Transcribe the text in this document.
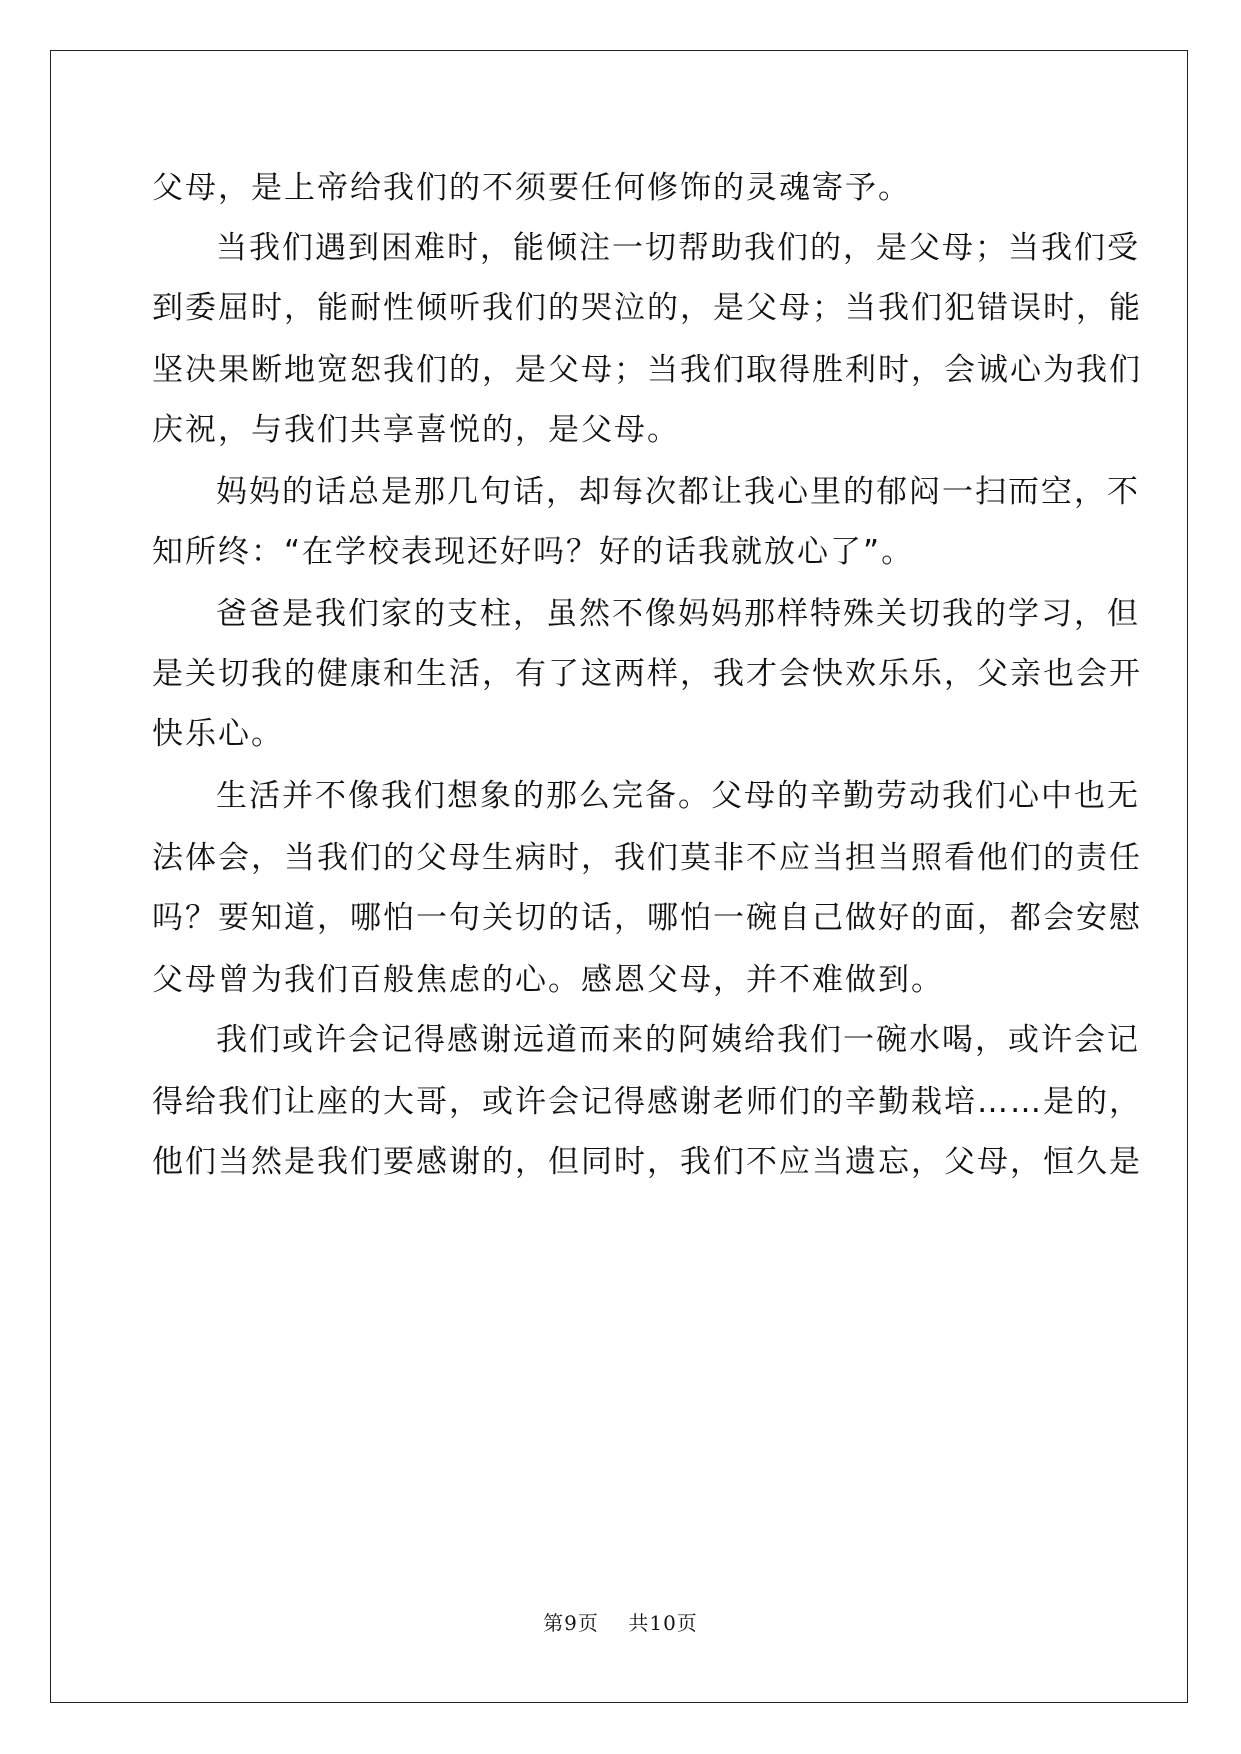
父母，是上帝给我们的不须要任何修饰的灵魂寄予。
当我们遇到困难时，能倾注一切帮助我们的，是父母；当我们受
到委屈时，能耐性倾听我们的哭泣的，是父母；当我们犯错误时，能
坚决果断地宽恕我们的，是父母；当我们取得胜利时，会诚心为我们
庆祝，与我们共享喜悦的，是父母。
妈妈的话总是那几句话，却每次都让我心里的郁闷一扫而空，不
知所终：“在学校表现还好吗？好的话我就放心了”。
爸爸是我们家的支柱，虽然不像妈妈那样特殊关切我的学习，但
是关切我的健康和生活，有了这两样，我才会快欢乐乐，父亲也会开
快乐心。
生活并不像我们想象的那么完备。父母的辛勤劳动我们心中也无
法体会，当我们的父母生病时，我们莫非不应当担当照看他们的责任
吗？要知道，哪怕一句关切的话，哪怕一碗自己做好的面，都会安慰
父母曾为我们百般焦虑的心。感恩父母，并不难做到。
我们或许会记得感谢远道而来的阿姨给我们一碗水喝，或许会记
得给我们让座的大哥，或许会记得感谢老师们的辛勤栽培……是的，
他们当然是我们要感谢的，但同时，我们不应当遗忘，父母，恒久是
第9页 共10页
